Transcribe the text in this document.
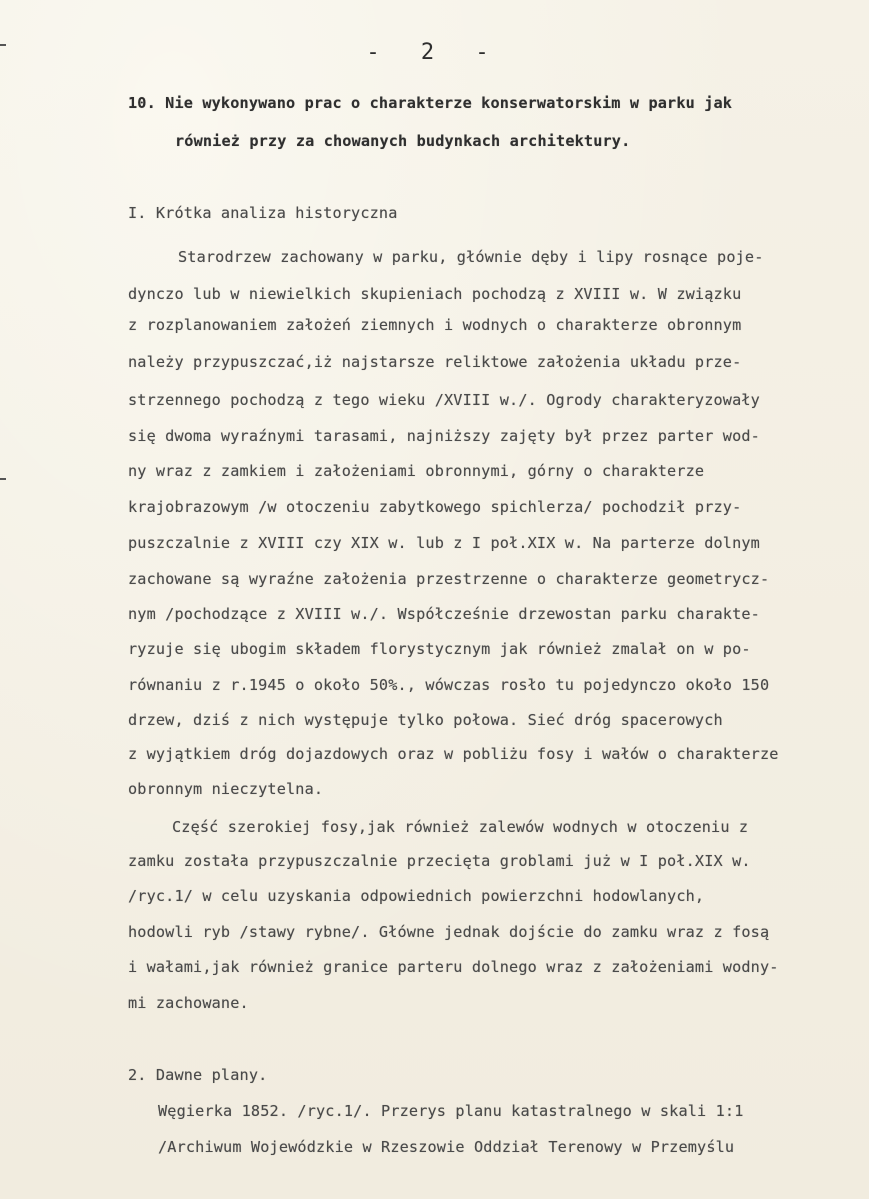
- 2 -
10. Nie wykonywano prac o charakterze konserwatorskim w parku jak
również przy za chowanych budynkach architektury.
I. Krótka analiza historyczna
Starodrzew zachowany w parku, głównie dęby i lipy rosnące poje-
dynczo lub w niewielkich skupieniach pochodzą z XVIII w. W związku
z rozplanowaniem założeń ziemnych i wodnych o charakterze obronnym
należy przypuszczać,iż najstarsze reliktowe założenia układu prze-
strzennego pochodzą z tego wieku /XVIII w./. Ogrody charakteryzowały
się dwoma wyraźnymi tarasami, najniższy zajęty był przez parter wod-
ny wraz z zamkiem i założeniami obronnymi, górny o charakterze
krajobrazowym /w otoczeniu zabytkowego spichlerza/ pochodził przy-
puszczalnie z XVIII czy XIX w. lub z I poł.XIX w. Na parterze dolnym
zachowane są wyraźne założenia przestrzenne o charakterze geometrycz-
nym /pochodzące z XVIII w./. Współcześnie drzewostan parku charakte-
ryzuje się ubogim składem florystycznym jak również zmalał on w po-
równaniu z r.1945 o około 50%., wówczas rosło tu pojedynczo około 150
drzew, dziś z nich występuje tylko połowa. Sieć dróg spacerowych
z wyjątkiem dróg dojazdowych oraz w pobliżu fosy i wałów o charakterze
obronnym nieczytelna.
Część szerokiej fosy,jak również zalewów wodnych w otoczeniu z
zamku została przypuszczalnie przecięta groblami już w I poł.XIX w.
/ryc.1/ w celu uzyskania odpowiednich powierzchni hodowlanych,
hodowli ryb /stawy rybne/. Główne jednak dojście do zamku wraz z fosą
i wałami,jak również granice parteru dolnego wraz z założeniami wodny-
mi zachowane.
2. Dawne plany.
Węgierka 1852. /ryc.1/. Przerys planu katastralnego w skali 1:1
/Archiwum Wojewódzkie w Rzeszowie Oddział Terenowy w Przemyślu
